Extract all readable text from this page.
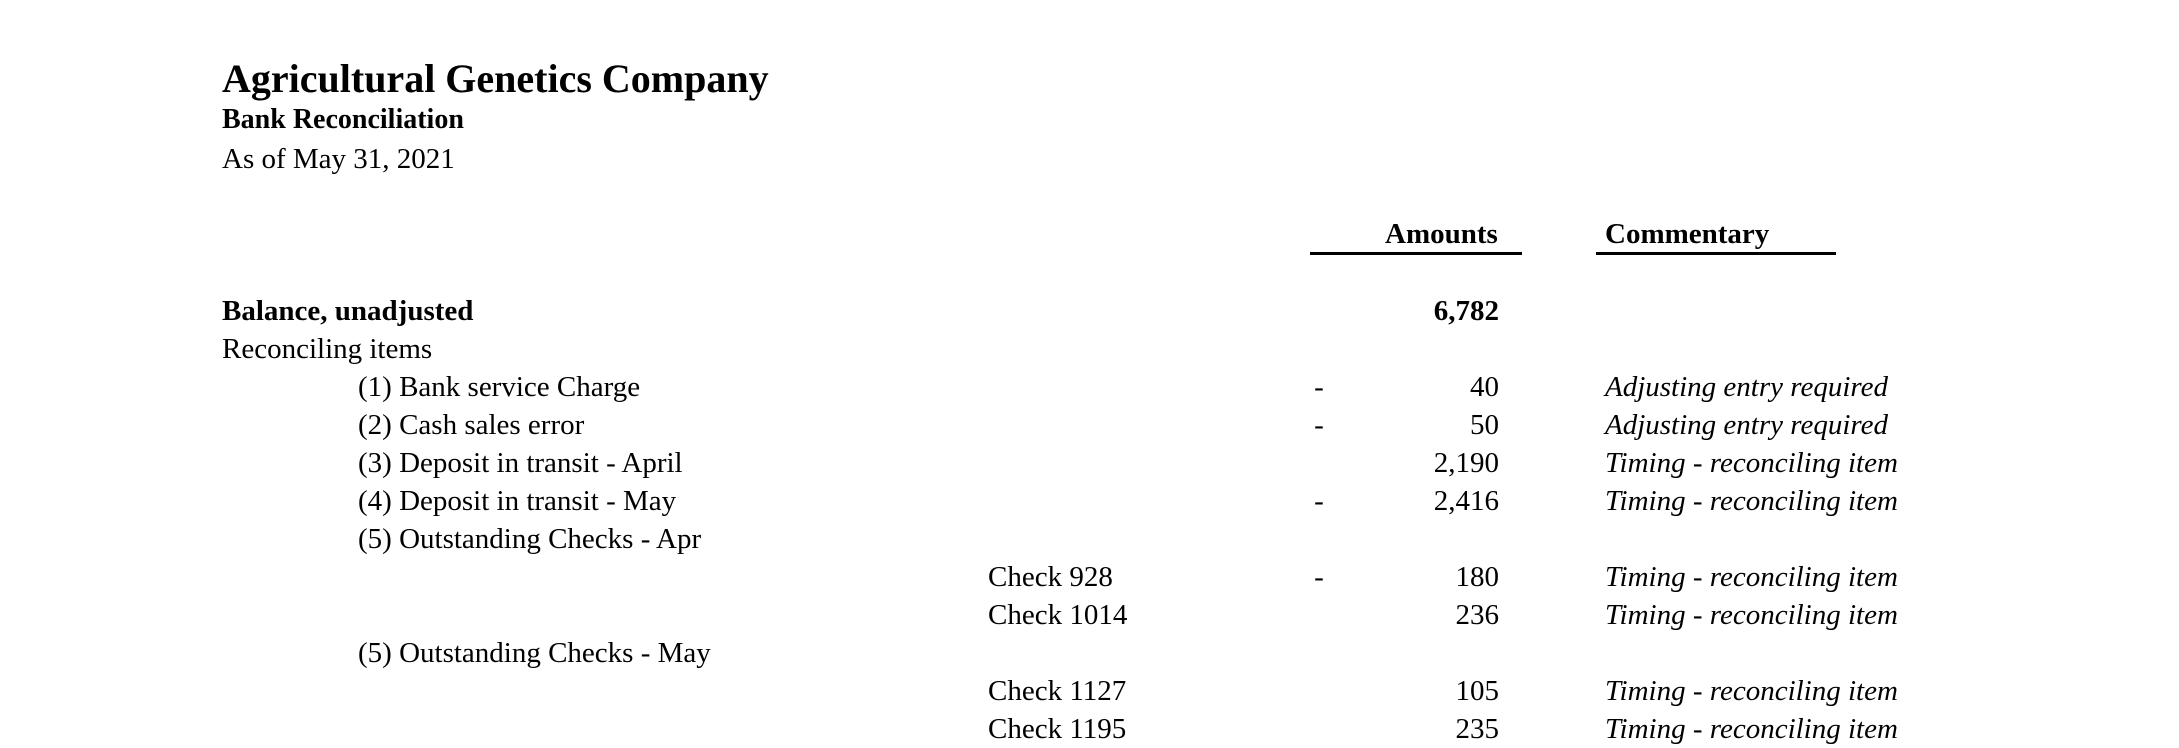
Agricultural Genetics Company
Bank Reconciliation
As of May 31, 2021
Amounts	Commentary
Balance, unadjusted	6,782
Reconciling items
(1) Bank service Charge	-	40	Adjusting entry required
(2) Cash sales error	-	50	Adjusting entry required
(3) Deposit in transit - April	2,190	Timing - reconciling item
(4) Deposit in transit - May	-	2,416	Timing - reconciling item
(5) Outstanding Checks - Apr
Check 928	-	180	Timing - reconciling item
Check 1014	236	Timing - reconciling item
(5) Outstanding Checks - May
Check 1127	105	Timing - reconciling item
Check 1195	235	Timing - reconciling item
